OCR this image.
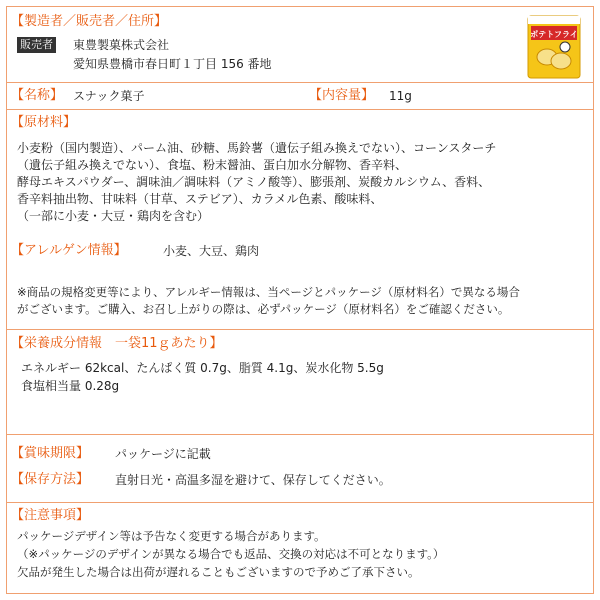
【製造者／販売者／住所】
販売者 東豊製菓株式会社
愛知県豊橋市春日町１丁目 156 番地
ポテトフライ
【名称】 スナック菓子	【内容量】 11g
【原材料】
小麦粉（国内製造）、パーム油、砂糖、馬鈴薯（遺伝子組み換えでない）、コーンスターチ
（遺伝子組み換えでない）、食塩、粉末醤油、蛋白加水分解物、香辛料、
酵母エキスパウダー、調味油／調味料（アミノ酸等）、膨張剤、炭酸カルシウム、香料、
香辛料抽出物、甘味料（甘草、ステビア）、カラメル色素、酸味料、
（一部に小麦・大豆・鶏肉を含む）
【アレルゲン情報】	小麦、大豆、鶏肉
※商品の規格変更等により、アレルギー情報は、当ページとパッケージ（原材料名）で異なる場合
がございます。ご購入、お召し上がりの際は、必ずパッケージ（原材料名）をご確認ください。
【栄養成分情報　一袋11ｇあたり】
エネルギー 62kcal、たんぱく質 0.7g、脂質 4.1g、炭水化物 5.5g
食塩相当量 0.28g
【賞味期限】 パッケージに記載
【保存方法】 直射日光・高温多湿を避けて、保存してください。
【注意事項】
パッケージデザイン等は予告なく変更する場合があります。
（※パッケージのデザインが異なる場合でも返品、交換の対応は不可となります。）
欠品が発生した場合は出荷が遅れることもございますので予めご了承下さい。
